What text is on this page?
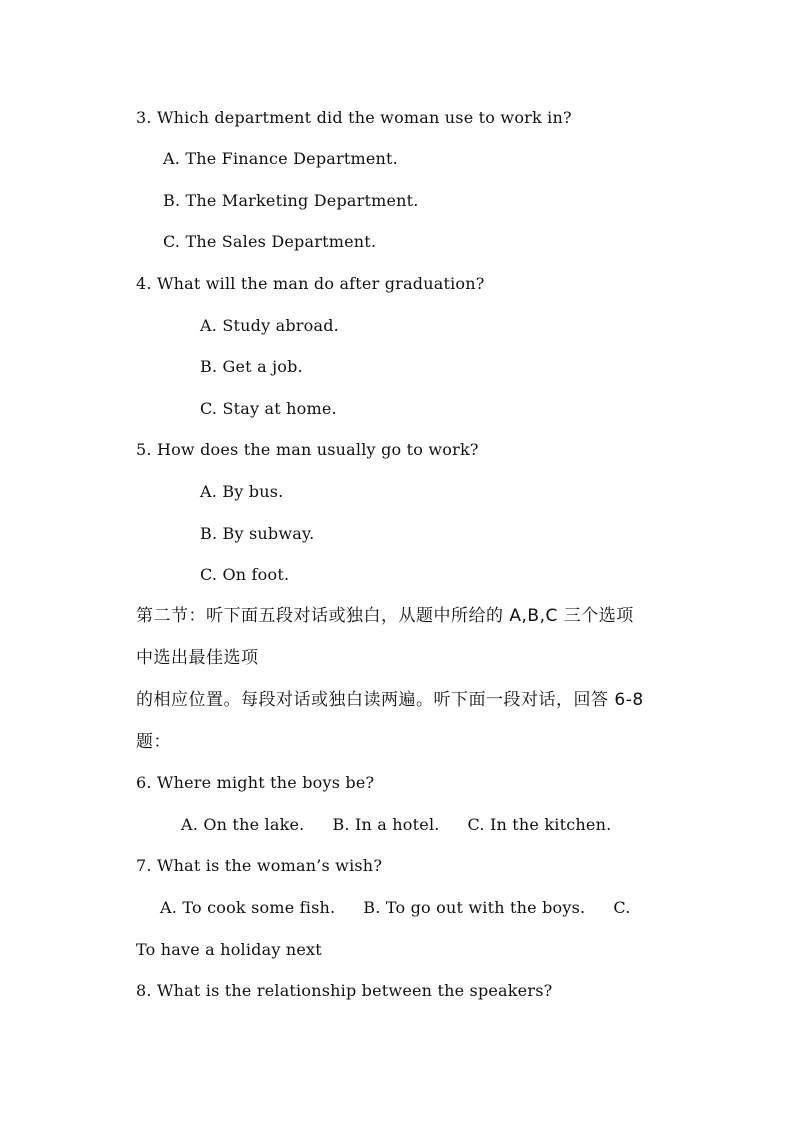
3. Which department did the woman use to work in?
A. The Finance Department.
B. The Marketing Department.
C. The Sales Department.
4. What will the man do after graduation?
A. Study abroad.
B. Get a job.
C. Stay at home.
5. How does the man usually go to work?
A. By bus.
B. By subway.
C. On foot.
第二节：听下面五段对话或独白，从题中所给的 A,B,C 三个选项
中选出最佳选项
的相应位置。每段对话或独白读两遍。听下面一段对话，回答 6-8
题：
6. Where might the boys be?
A. On the lake. B. In a hotel. C. In the kitchen.
7. What is the woman’s wish?
A. To cook some fish. B. To go out with the boys. C.
To have a holiday next
8. What is the relationship between the speakers?
